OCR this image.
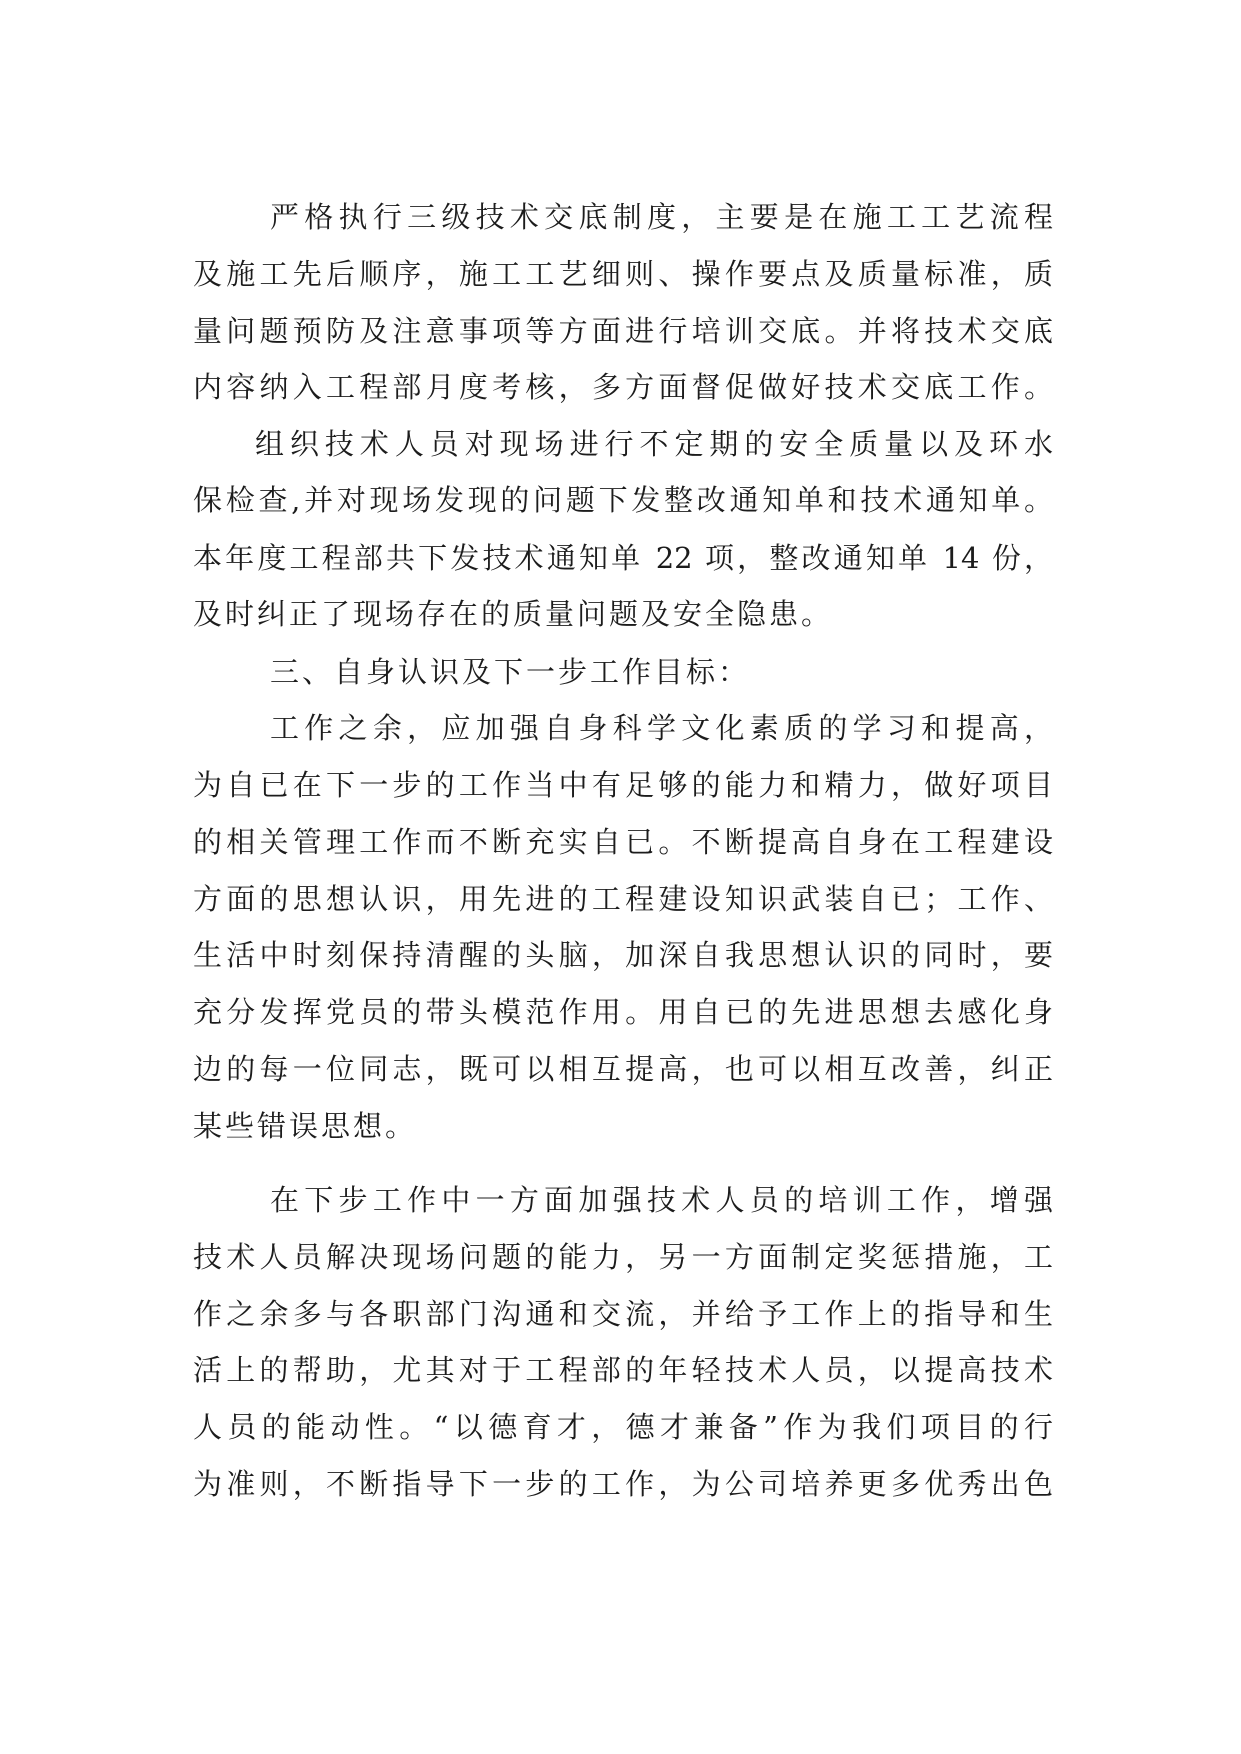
严格执行三级技术交底制度，主要是在施工工艺流程
及施工先后顺序，施工工艺细则、操作要点及质量标准，质
量问题预防及注意事项等方面进行培训交底。并将技术交底
内容纳入工程部月度考核，多方面督促做好技术交底工作。
组织技术人员对现场进行不定期的安全质量以及环水
保检查,并对现场发现的问题下发整改通知单和技术通知单。
本年度工程部共下发技术通知单 22 项，整改通知单 14 份，
及时纠正了现场存在的质量问题及安全隐患。
三、自身认识及下一步工作目标：
工作之余，应加强自身科学文化素质的学习和提高，
为自已在下一步的工作当中有足够的能力和精力，做好项目
的相关管理工作而不断充实自已。不断提高自身在工程建设
方面的思想认识，用先进的工程建设知识武装自已；工作、
生活中时刻保持清醒的头脑，加深自我思想认识的同时，要
充分发挥党员的带头模范作用。用自已的先进思想去感化身
边的每一位同志，既可以相互提高，也可以相互改善，纠正
某些错误思想。
在下步工作中一方面加强技术人员的培训工作，增强
技术人员解决现场问题的能力，另一方面制定奖惩措施，工
作之余多与各职部门沟通和交流，并给予工作上的指导和生
活上的帮助，尤其对于工程部的年轻技术人员，以提高技术
人员的能动性。“以德育才，德才兼备”作为我们项目的行
为准则，不断指导下一步的工作，为公司培养更多优秀出色
